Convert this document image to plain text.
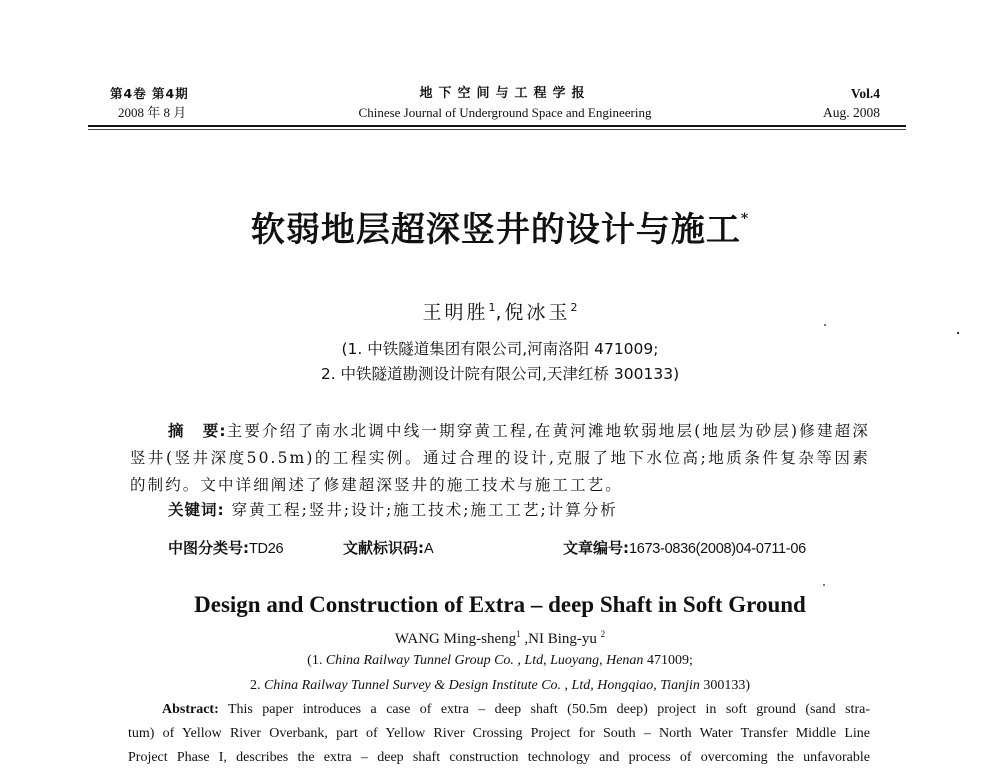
第4卷 第4期
2008 年 8 月
地下空间与工程学报
Chinese Journal of Underground Space and Engineering
Vol.4
Aug. 2008
软弱地层超深竖井的设计与施工*
王明胜$^1$,倪冰玉$^2$
(1. 中铁隧道集团有限公司,河南洛阳 471009;
2. 中铁隧道勘测设计院有限公司,天津红桥 300133)
摘 要:主要介绍了南水北调中线一期穿黄工程,在黄河滩地软弱地层(地层为砂层)修建超深竖井(竖井深度50.5m)的工程实例。通过合理的设计,克服了地下水位高;地质条件复杂等因素的制约。文中详细阐述了修建超深竖井的施工技术与施工工艺。
关键词: 穿黄工程;竖井;设计;施工技术;施工工艺;计算分析
中图分类号:TD26	文献标识码:A	文章编号:1673-0836(2008)04-0711-06
Design and Construction of Extra – deep Shaft in Soft Ground
WANG Ming-sheng$^1$ ,NI Bing-yu $^2$
(1. China Railway Tunnel Group Co. , Ltd, Luoyang, Henan 471009;
2. China Railway Tunnel Survey & Design Institute Co. , Ltd, Hongqiao, Tianjin 300133)
Abstract: This paper introduces a case of extra – deep shaft (50.5m deep) project in soft ground (sand stra-
tum) of Yellow River Overbank, part of Yellow River Crossing Project for South – North Water Transfer Middle Line
Project Phase I, describes the extra – deep shaft construction technology and process of overcoming the unfavorable
